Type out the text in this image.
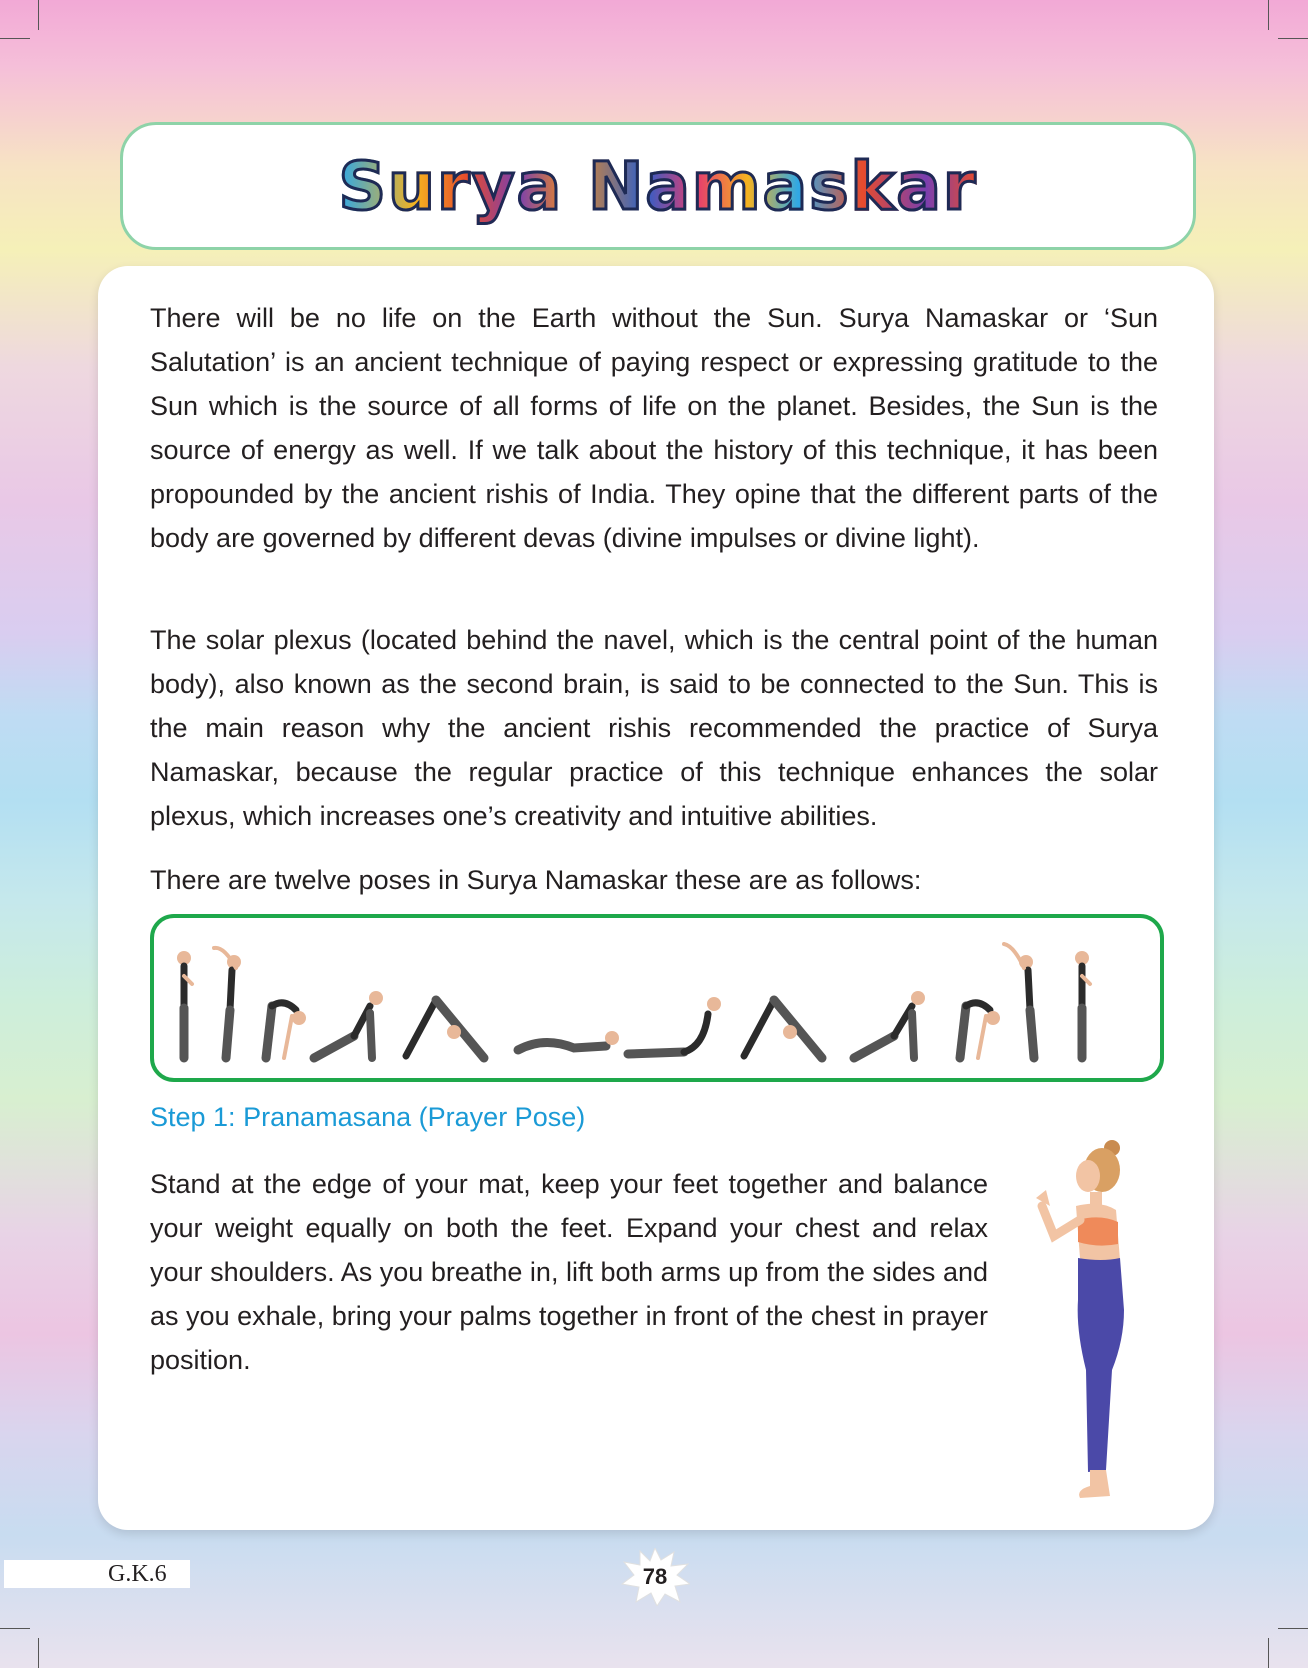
Surya Namaskar

There will be no life on the Earth without the Sun. Surya Namaskar or ‘Sun Salutation’ is an ancient technique of paying respect or expressing gratitude to the Sun which is the source of all forms of life on the planet. Besides, the Sun is the source of energy as well. If we talk about the history of this technique, it has been propounded by the ancient rishis of India. They opine that the different parts of the body are governed by different devas (divine impulses or divine light).

The solar plexus (located behind the navel, which is the central point of the human body), also known as the second brain, is said to be connected to the Sun. This is the main reason why the ancient rishis recommended the practice of Surya Namaskar, because the regular practice of this technique enhances the solar plexus, which increases one’s creativity and intuitive abilities.

There are twelve poses in Surya Namaskar these are as follows:

Step 1: Pranamasana (Prayer Pose)

Stand at the edge of your mat, keep your feet together and balance your weight equally on both the feet. Expand your chest and relax your shoulders. As you breathe in, lift both arms up from the sides and as you exhale, bring your palms together in front of the chest in prayer position.

G.K.6	78
